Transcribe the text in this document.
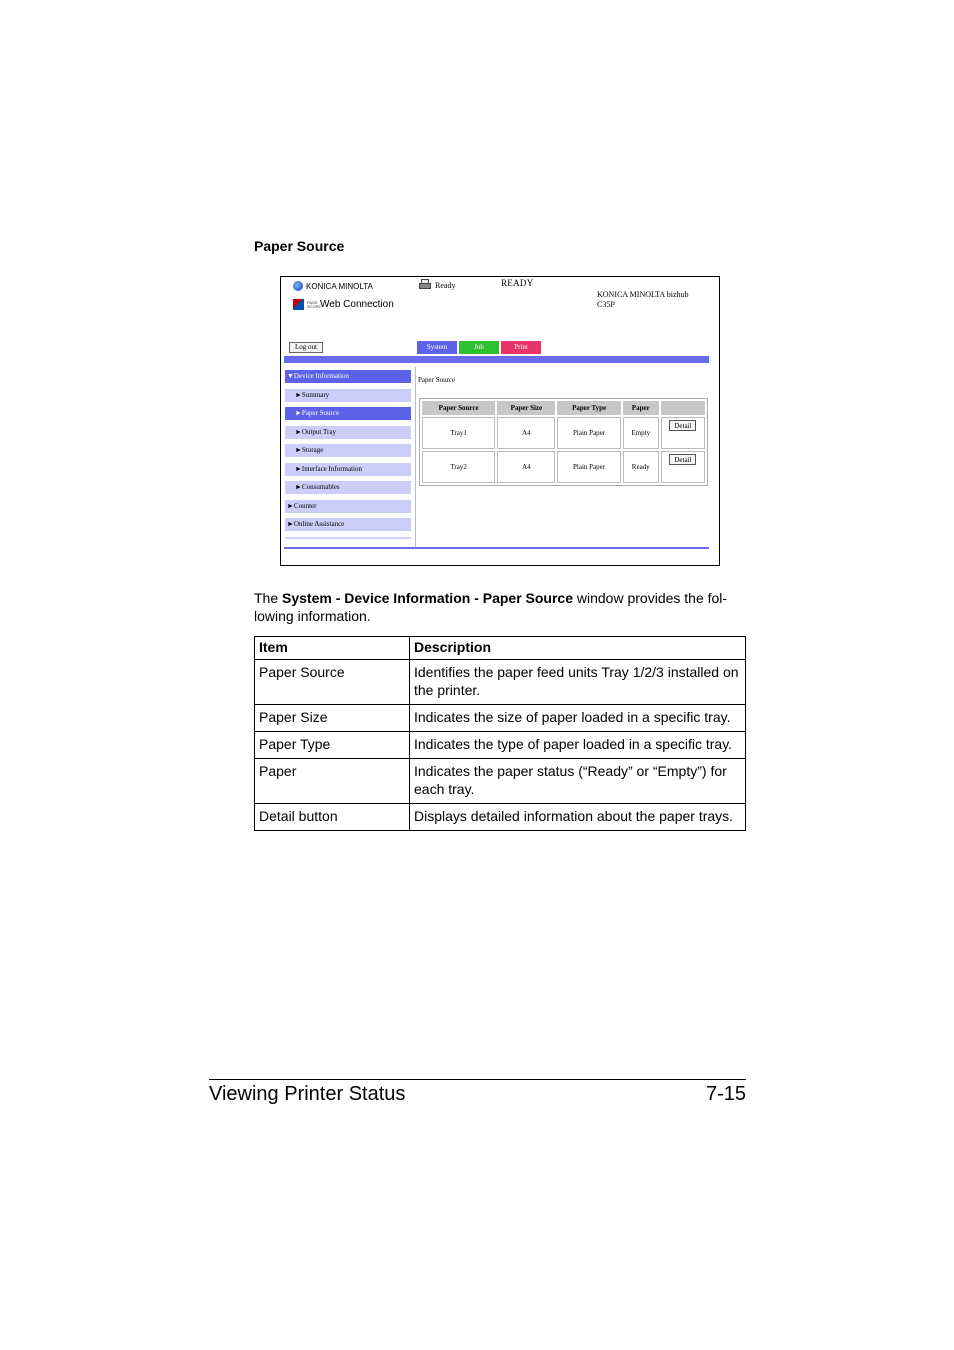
Paper Source
KONICA MINOLTA
PAGE SCOPE
Web Connection
Ready	READY
KONICA MINOLTA bizhub
C35P
Log out	System	Job	Print
▼Device Information
►Summary
►Paper Source
►Output Tray
►Storage
►Interface Information
►Consumables
►Counter
►Online Assistance
Paper Source
Paper Source	Paper Size	Paper Type	Paper	
Tray1	A4	Plain Paper	Empty	Detail
Tray2	A4	Plain Paper	Ready	Detail
The System - Device Information - Paper Source window provides the fol-lowing information.
Item	Description
Paper Source	Identifies the paper feed units Tray 1/2/3 installed on the printer.
Paper Size	Indicates the size of paper loaded in a specific tray.
Paper Type	Indicates the type of paper loaded in a specific tray.
Paper	Indicates the paper status (“Ready” or “Empty”) for each tray.
Detail button	Displays detailed information about the paper trays.
Viewing Printer Status	7-15
